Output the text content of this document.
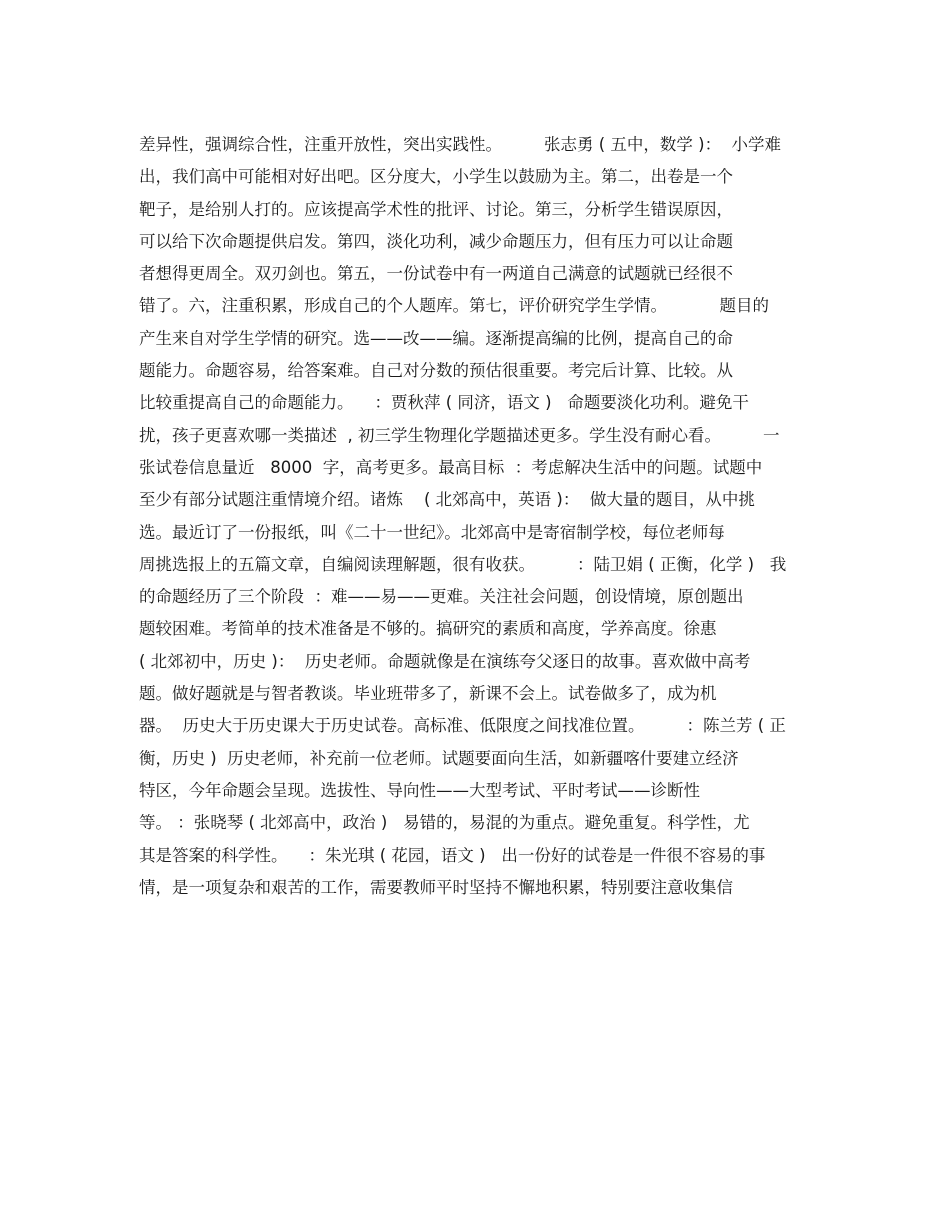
差异性，强调综合性，注重开放性，突出实践性。        张志勇 ( 五中，数学 )：  小学难
出，我们高中可能相对好出吧。区分度大，小学生以鼓励为主。第二，出卷是一个
靶子，是给别人打的。应该提高学术性的批评、讨论。第三，分析学生错误原因，
可以给下次命题提供启发。第四，淡化功利，减少命题压力，但有压力可以让命题
者想得更周全。双刃剑也。第五，一份试卷中有一两道自己满意的试题就已经很不
错了。六，注重积累，形成自己的个人题库。第七，评价研究学生学情。          题目的
产生来自对学生学情的研究。选——改——编。逐渐提高编的比例，提高自己的命
题能力。命题容易，给答案难。自己对分数的预估很重要。考完后计算、比较。从
比较重提高自己的命题能力。    ：贾秋萍 ( 同济，语文 )   命题要淡化功利。避免干
扰，孩子更喜欢哪一类描述  , 初三学生物理化学题描述更多。学生没有耐心看。        一
张试卷信息量近   8000  字，高考更多。最高目标  ：考虑解决生活中的问题。试题中
至少有部分试题注重情境介绍。诸炼    ( 北郊高中，英语 )：  做大量的题目，从中挑
选。最近订了一份报纸，叫《二十一世纪》。北郊高中是寄宿制学校，每位老师每
周挑选报上的五篇文章，自编阅读理解题，很有收获。        ：陆卫娟 ( 正衡，化学 )   我
的命题经历了三个阶段  ：难——易——更难。关注社会问题，创设情境，原创题出
题较困难。考简单的技术准备是不够的。搞研究的素质和高度，学养高度。徐惠
( 北郊初中，历史 )：  历史老师。命题就像是在演练夸父逐日的故事。喜欢做中高考
题。做好题就是与智者教谈。毕业班带多了，新课不会上。试卷做多了，成为机
器。  历史大于历史课大于历史试卷。高标准、低限度之间找准位置。        ：陈兰芳 ( 正
衡，历史 )  历史老师，补充前一位老师。试题要面向生活，如新疆喀什要建立经济
特区，今年命题会呈现。选拔性、导向性——大型考试、平时考试——诊断性
等。 ：张晓琴 ( 北郊高中，政治 )   易错的，易混的为重点。避免重复。科学性，尤
其是答案的科学性。    ：朱光琪 ( 花园，语文 )   出一份好的试卷是一件很不容易的事
情，是一项复杂和艰苦的工作，需要教师平时坚持不懈地积累，特别要注意收集信
